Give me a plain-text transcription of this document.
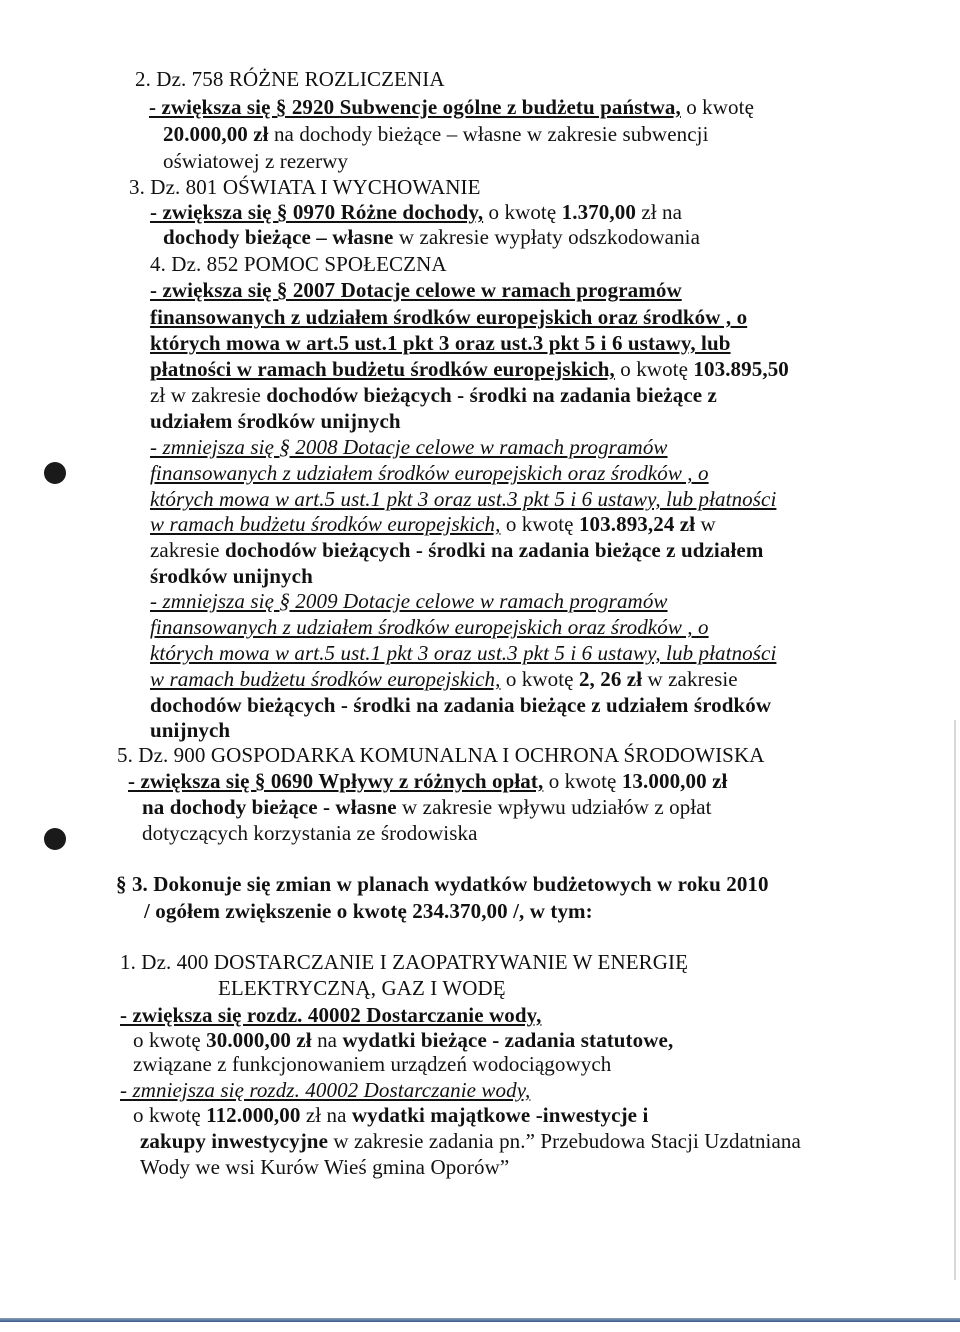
2. Dz. 758 RÓŻNE ROZLICZENIA
- zwiększa się § 2920 Subwencje ogólne z budżetu państwa, o kwotę
20.000,00 zł na dochody bieżące – własne w zakresie subwencji
oświatowej z rezerwy
3. Dz. 801 OŚWIATA I WYCHOWANIE
- zwiększa się § 0970 Różne dochody, o kwotę 1.370,00 zł na
dochody bieżące – własne w zakresie wypłaty odszkodowania
4. Dz. 852 POMOC SPOŁECZNA
- zwiększa się § 2007 Dotacje celowe w ramach programów
finansowanych z udziałem środków europejskich oraz środków , o
których mowa w art.5 ust.1 pkt 3 oraz ust.3 pkt 5 i 6 ustawy, lub
płatności w ramach budżetu środków europejskich, o kwotę 103.895,50
zł w zakresie dochodów bieżących - środki na zadania bieżące z
udziałem środków unijnych
- zmniejsza się § 2008 Dotacje celowe w ramach programów
finansowanych z udziałem środków europejskich oraz środków , o
których mowa w art.5 ust.1 pkt 3 oraz ust.3 pkt 5 i 6 ustawy, lub płatności
w ramach budżetu środków europejskich, o kwotę 103.893,24 zł w
zakresie dochodów bieżących - środki na zadania bieżące z udziałem
środków unijnych
- zmniejsza się § 2009 Dotacje celowe w ramach programów
finansowanych z udziałem środków europejskich oraz środków , o
których mowa w art.5 ust.1 pkt 3 oraz ust.3 pkt 5 i 6 ustawy, lub płatności
w ramach budżetu środków europejskich, o kwotę 2, 26 zł w zakresie
dochodów bieżących - środki na zadania bieżące z udziałem środków
unijnych
5. Dz. 900 GOSPODARKA KOMUNALNA I OCHRONA ŚRODOWISKA
- zwiększa się § 0690 Wpływy z różnych opłat, o kwotę 13.000,00 zł
na dochody bieżące - własne w zakresie wpływu udziałów z opłat
dotyczących korzystania ze środowiska
§ 3. Dokonuje się zmian w planach wydatków budżetowych w roku 2010
/ ogółem zwiększenie o kwotę 234.370,00 /, w tym:
1. Dz. 400 DOSTARCZANIE I ZAOPATRYWANIE W ENERGIĘ
ELEKTRYCZNĄ, GAZ I WODĘ
- zwiększa się rozdz. 40002 Dostarczanie wody,
o kwotę 30.000,00 zł na wydatki bieżące - zadania statutowe,
związane z funkcjonowaniem urządzeń wodociągowych
- zmniejsza się rozdz. 40002 Dostarczanie wody,
o kwotę 112.000,00 zł na wydatki majątkowe -inwestycje i
zakupy inwestycyjne w zakresie zadania pn.” Przebudowa Stacji Uzdatniana
Wody we wsi Kurów Wieś gmina Oporów”
